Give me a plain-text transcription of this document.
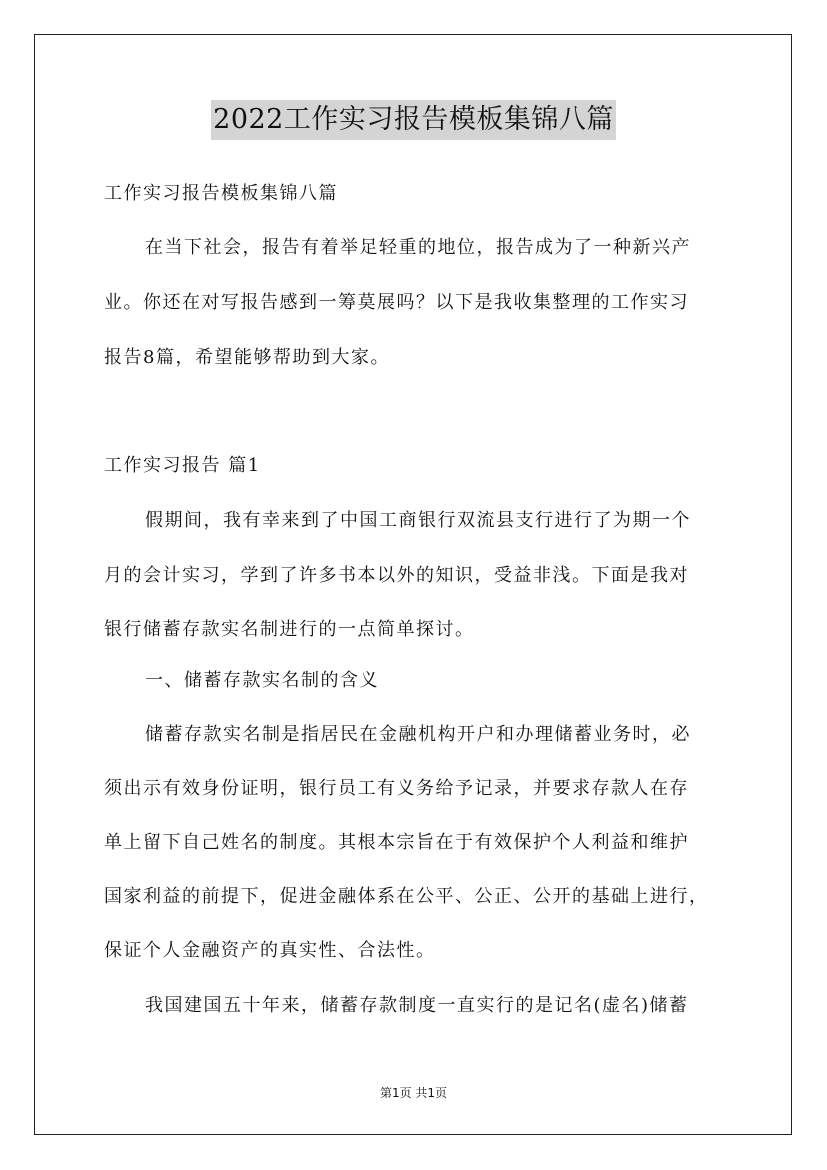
2022工作实习报告模板集锦八篇
工作实习报告模板集锦八篇
在当下社会，报告有着举足轻重的地位，报告成为了一种新兴产
业。你还在对写报告感到一筹莫展吗？以下是我收集整理的工作实习
报告8篇，希望能够帮助到大家。
工作实习报告 篇1
假期间，我有幸来到了中国工商银行双流县支行进行了为期一个
月的会计实习，学到了许多书本以外的知识，受益非浅。下面是我对
银行储蓄存款实名制进行的一点简单探讨。
一、储蓄存款实名制的含义
储蓄存款实名制是指居民在金融机构开户和办理储蓄业务时，必
须出示有效身份证明，银行员工有义务给予记录，并要求存款人在存
单上留下自己姓名的制度。其根本宗旨在于有效保护个人利益和维护
国家利益的前提下，促进金融体系在公平、公正、公开的基础上进行，
保证个人金融资产的真实性、合法性。
我国建国五十年来，储蓄存款制度一直实行的是记名(虚名)储蓄
第1页 共1页
